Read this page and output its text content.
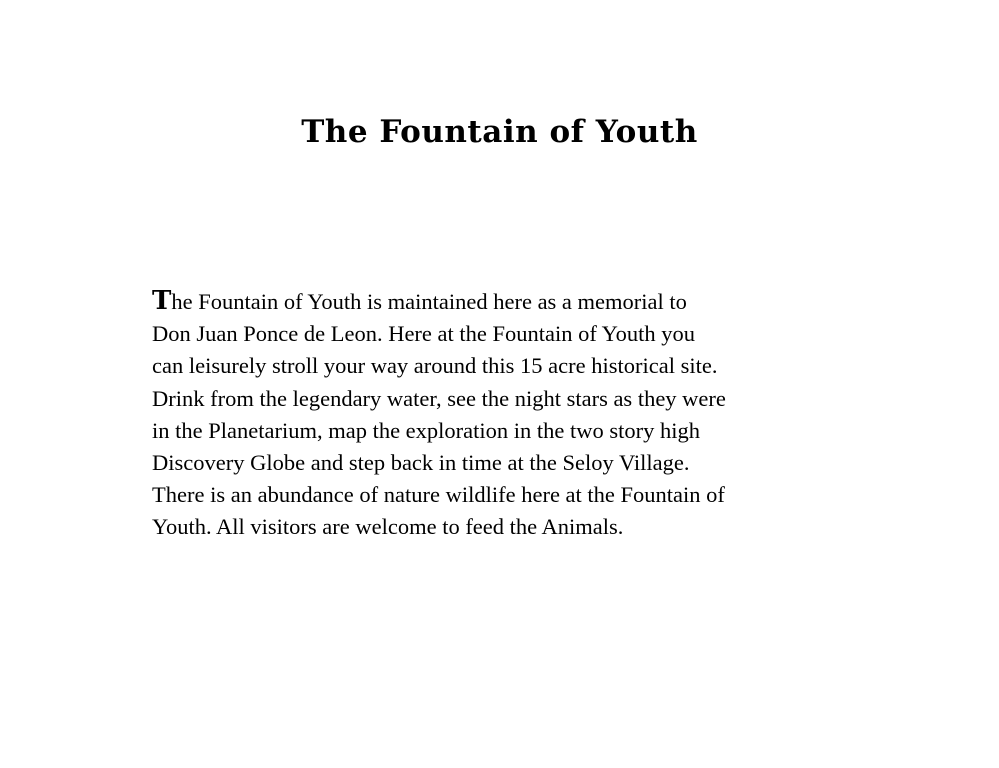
The Fountain of Youth

The Fountain of Youth is maintained here as a memorial to
Don Juan Ponce de Leon. Here at the Fountain of Youth you
can leisurely stroll your way around this 15 acre historical site.
Drink from the legendary water, see the night stars as they were
in the Planetarium, map the exploration in the two story high
Discovery Globe and step back in time at the Seloy Village.
There is an abundance of nature wildlife here at the Fountain of
Youth. All visitors are welcome to feed the Animals.
